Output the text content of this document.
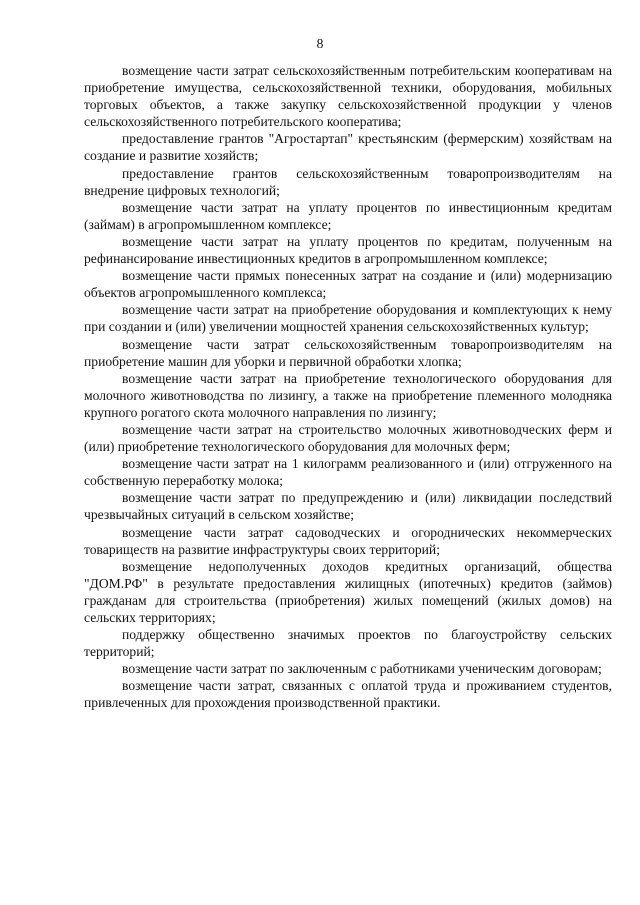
8

возмещение части затрат сельскохозяйственным потребительским кооперативам на приобретение имущества, сельскохозяйственной техники, оборудования, мобильных торговых объектов, а также закупку сельскохозяйственной продукции у членов сельскохозяйственного потребительского кооператива;

предоставление грантов "Агростартап" крестьянским (фермерским) хозяйствам на создание и развитие хозяйств;

предоставление грантов сельскохозяйственным товаропроизводителям на внедрение цифровых технологий;

возмещение части затрат на уплату процентов по инвестиционным кредитам (займам) в агропромышленном комплексе;

возмещение части затрат на уплату процентов по кредитам, полученным на рефинансирование инвестиционных кредитов в агропромышленном комплексе;

возмещение части прямых понесенных затрат на создание и (или) модернизацию объектов агропромышленного комплекса;

возмещение части затрат на приобретение оборудования и комплектующих к нему при создании и (или) увеличении мощностей хранения сельскохозяйственных культур;

возмещение части затрат сельскохозяйственным товаропроизводителям на приобретение машин для уборки и первичной обработки хлопка;

возмещение части затрат на приобретение технологического оборудования для молочного животноводства по лизингу, а также на приобретение племенного молодняка крупного рогатого скота молочного направления по лизингу;

возмещение части затрат на строительство молочных животноводческих ферм и (или) приобретение технологического оборудования для молочных ферм;

возмещение части затрат на 1 килограмм реализованного и (или) отгруженного на собственную переработку молока;

возмещение части затрат по предупреждению и (или) ликвидации последствий чрезвычайных ситуаций в сельском хозяйстве;

возмещение части затрат садоводческих и огороднических некоммерческих товариществ на развитие инфраструктуры своих территорий;

возмещение недополученных доходов кредитных организаций, общества "ДОМ.РФ" в результате предоставления жилищных (ипотечных) кредитов (займов) гражданам для строительства (приобретения) жилых помещений (жилых домов) на сельских территориях;

поддержку общественно значимых проектов по благоустройству сельских территорий;

возмещение части затрат по заключенным с работниками ученическим договорам;

возмещение части затрат, связанных с оплатой труда и проживанием студентов, привлеченных для прохождения производственной практики.
